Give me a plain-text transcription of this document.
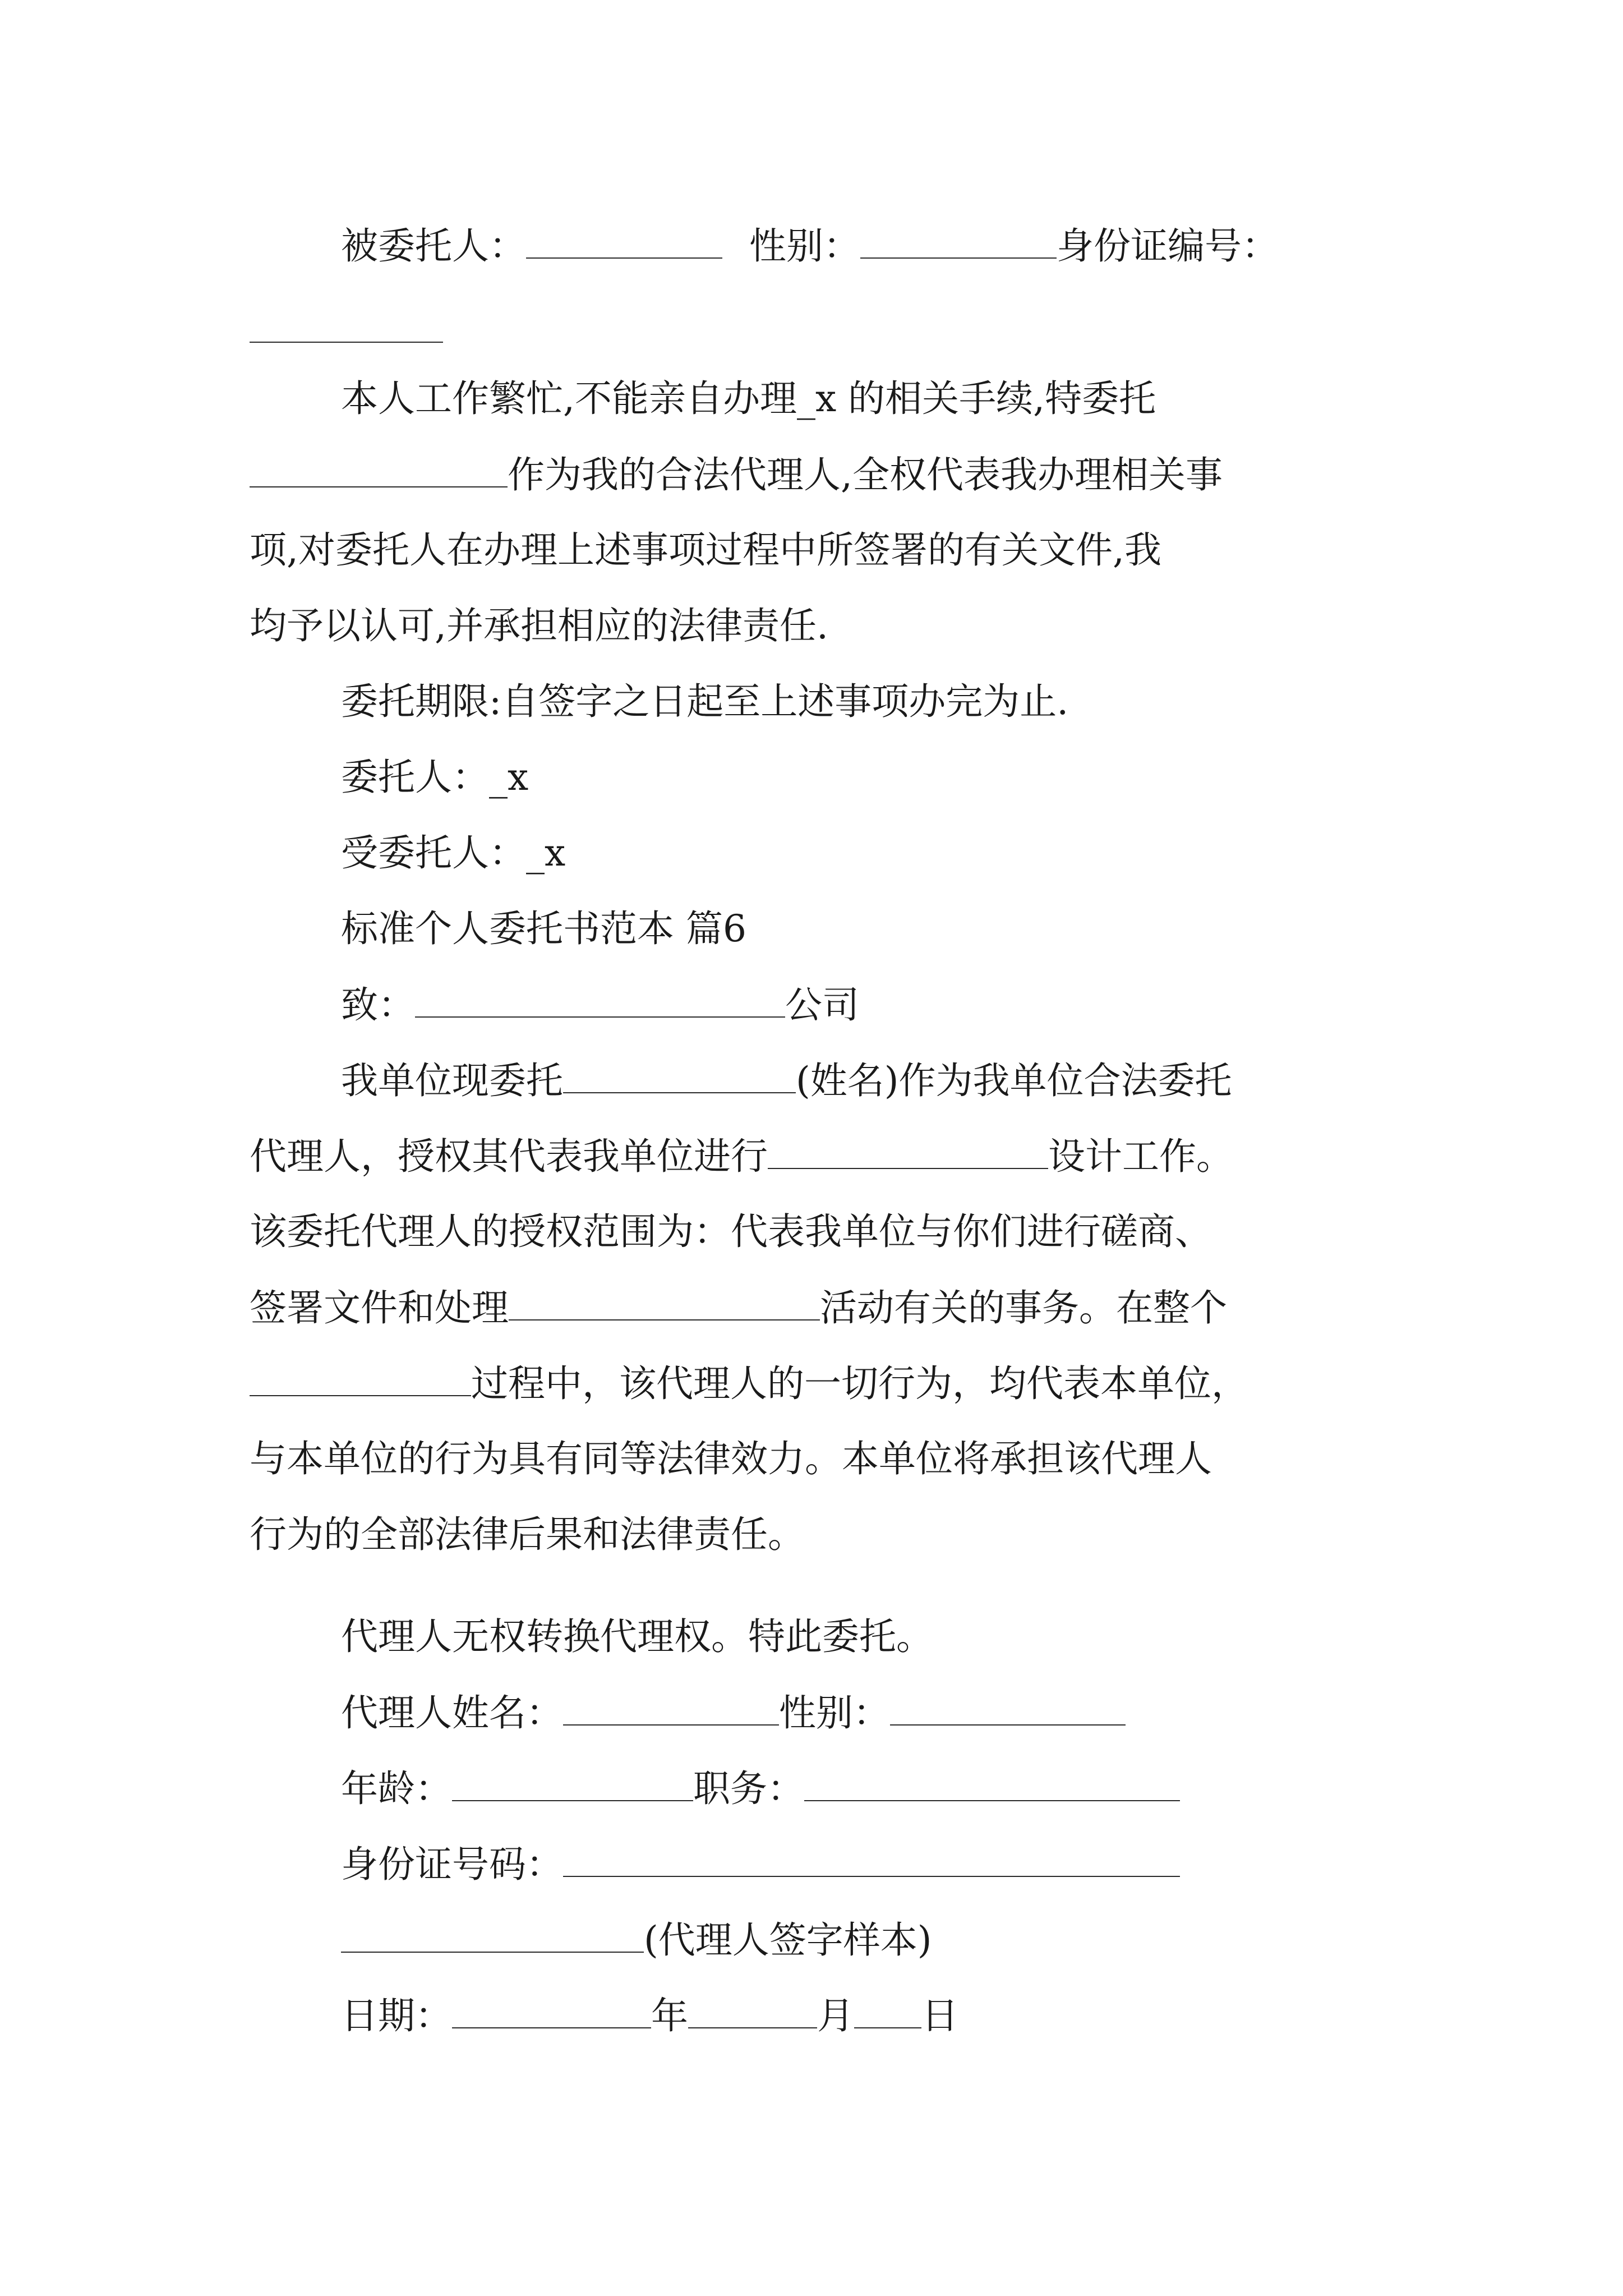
被委托人：	性别：	身份证编号：
本人工作繁忙,不能亲自办理_x 的相关手续,特委托
作为我的合法代理人,全权代表我办理相关事
项,对委托人在办理上述事项过程中所签署的有关文件,我
均予以认可,并承担相应的法律责任.
委托期限:自签字之日起至上述事项办完为止.
委托人：_x
受委托人：_x
标准个人委托书范本 篇6
致：	公司
我单位现委托	(姓名)作为我单位合法委托
代理人，授权其代表我单位进行	设计工作。
该委托代理人的授权范围为：代表我单位与你们进行磋商、
签署文件和处理	活动有关的事务。在整个
过程中，该代理人的一切行为，均代表本单位，
与本单位的行为具有同等法律效力。本单位将承担该代理人
行为的全部法律后果和法律责任。
代理人无权转换代理权。特此委托。
代理人姓名：	性别：
年龄：	职务：
身份证号码：
(代理人签字样本)
日期：	年	月 日
